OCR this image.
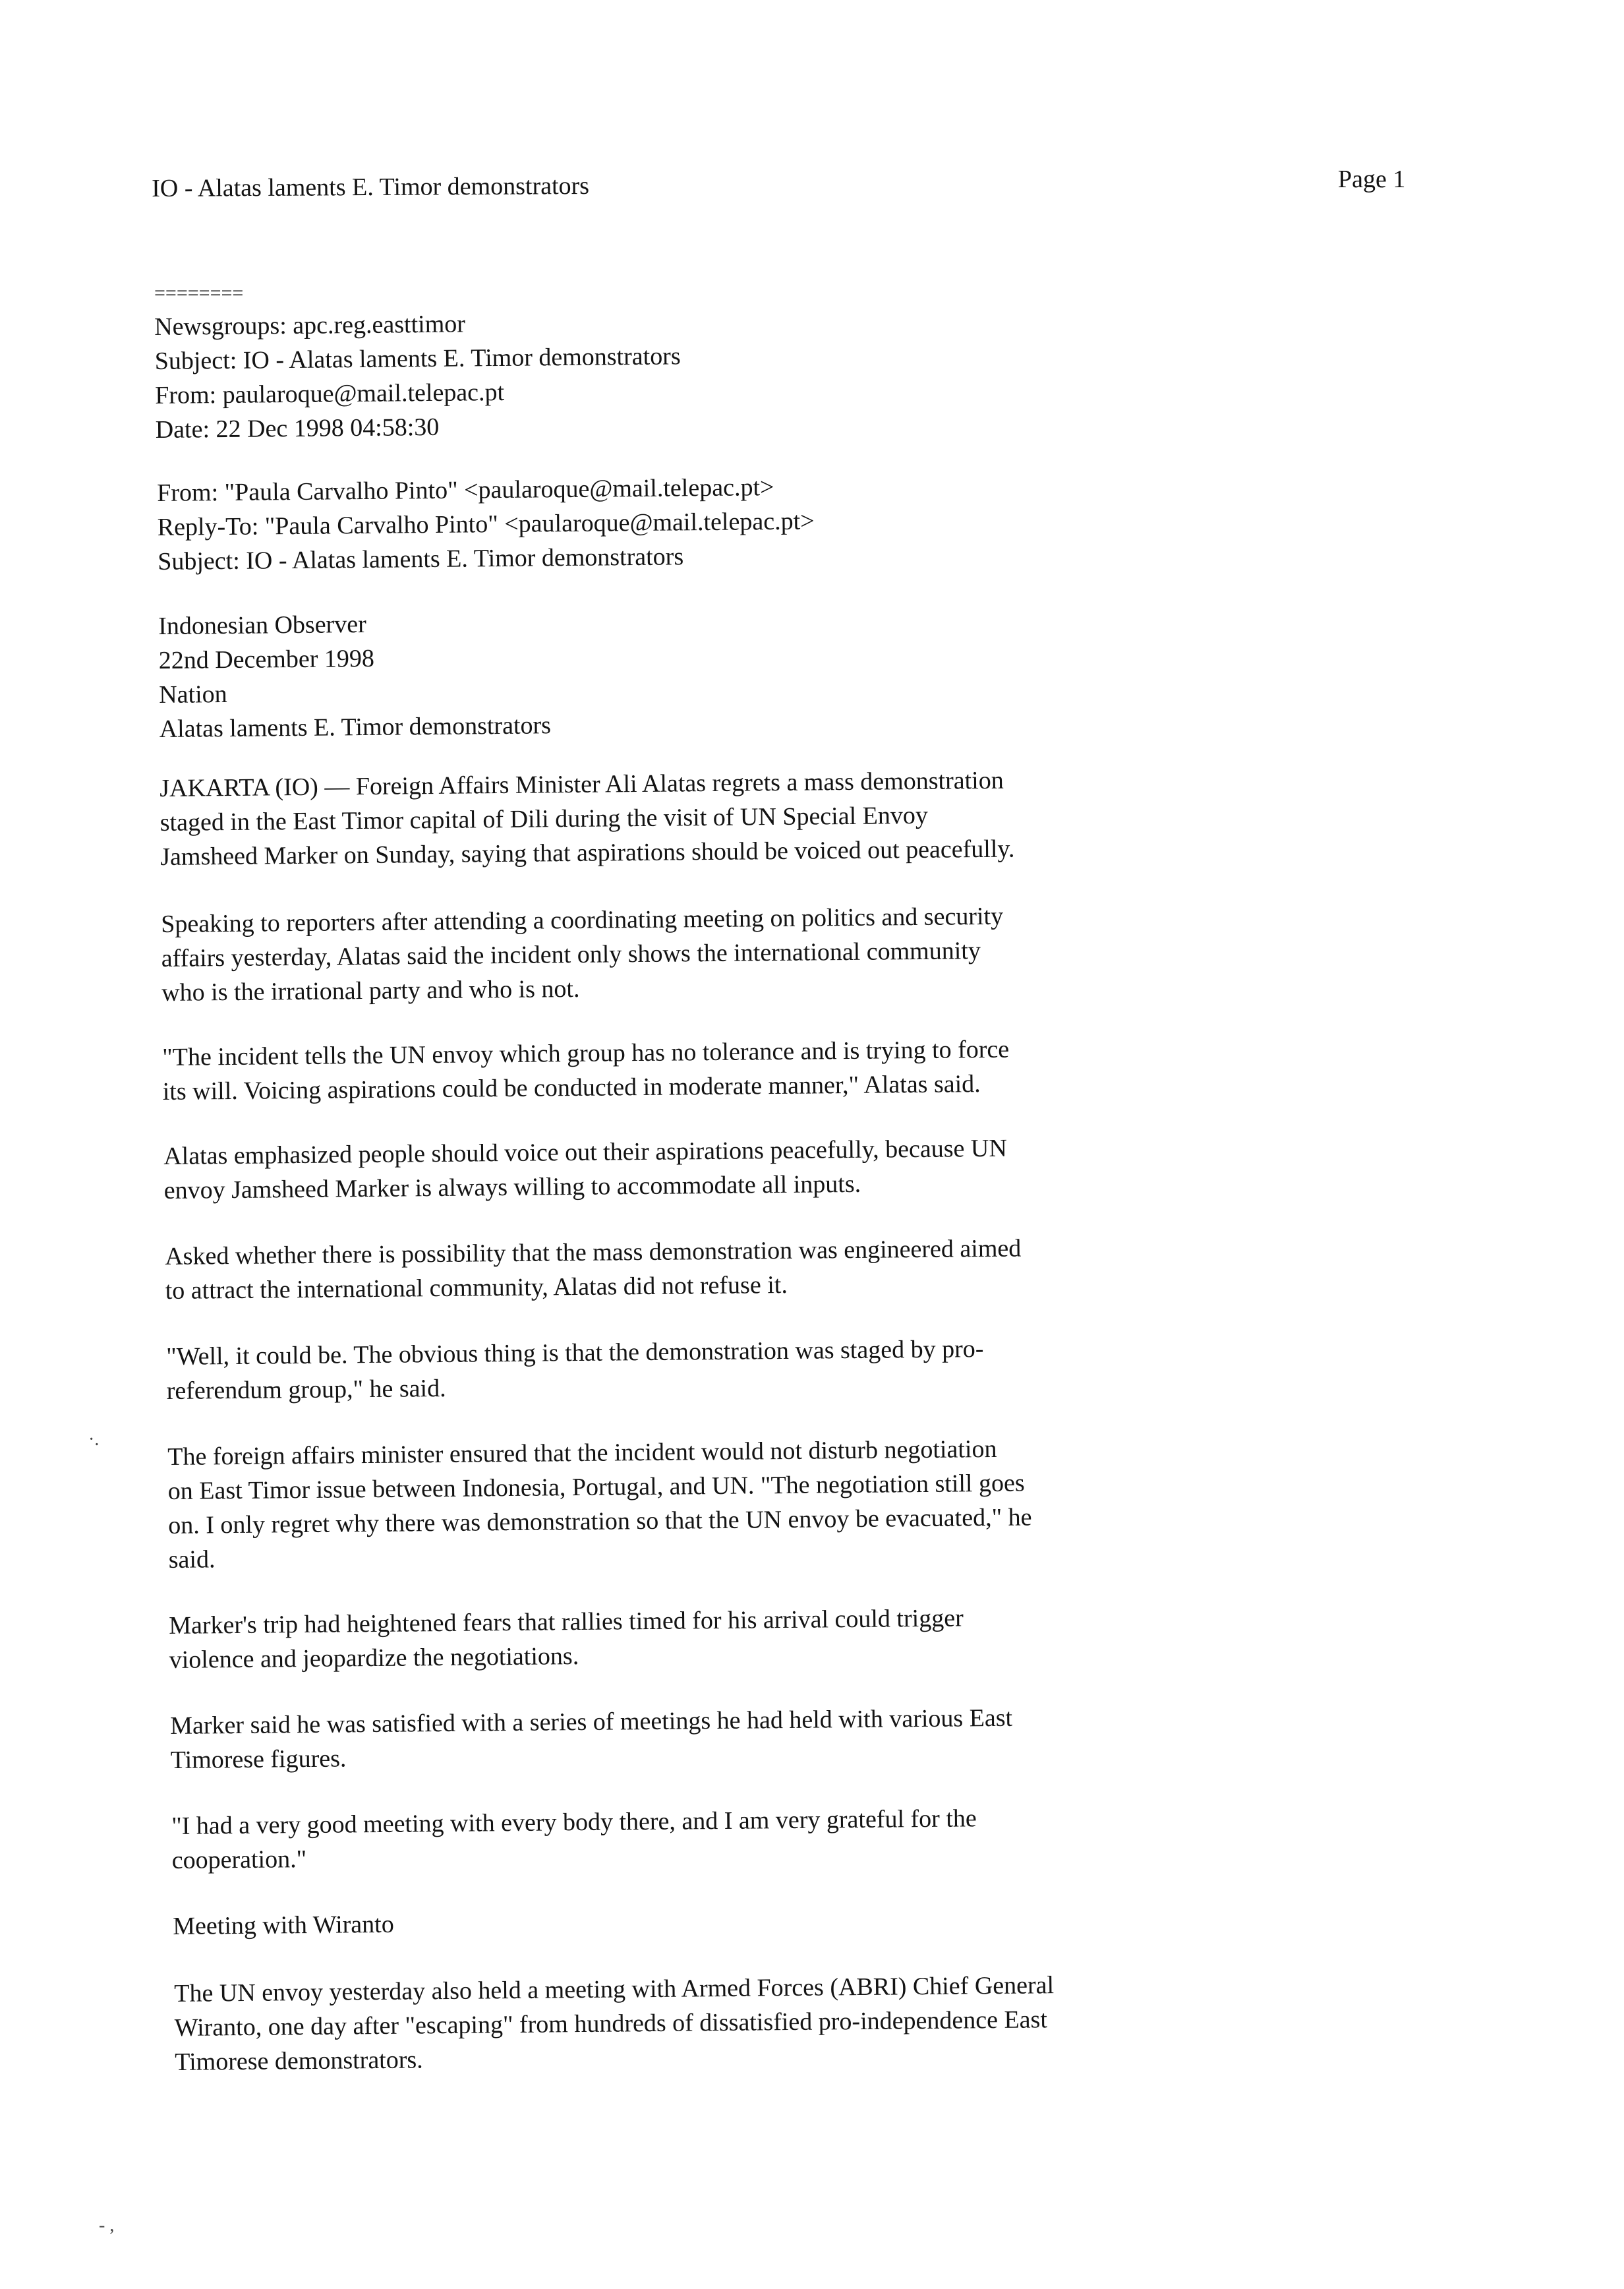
IO - Alatas laments E. Timor demonstrators	Page 1
========
Newsgroups: apc.reg.easttimor
Subject: IO - Alatas laments E. Timor demonstrators
From: paularoque@mail.telepac.pt
Date: 22 Dec 1998 04:58:30
From: "Paula Carvalho Pinto" <paularoque@mail.telepac.pt>
Reply-To: "Paula Carvalho Pinto" <paularoque@mail.telepac.pt>
Subject: IO - Alatas laments E. Timor demonstrators
Indonesian Observer
22nd December 1998
Nation
Alatas laments E. Timor demonstrators
JAKARTA (IO) — Foreign Affairs Minister Ali Alatas regrets a mass demonstration
staged in the East Timor capital of Dili during the visit of UN Special Envoy
Jamsheed Marker on Sunday, saying that aspirations should be voiced out peacefully.
Speaking to reporters after attending a coordinating meeting on politics and security
affairs yesterday, Alatas said the incident only shows the international community
who is the irrational party and who is not.
"The incident tells the UN envoy which group has no tolerance and is trying to force
its will. Voicing aspirations could be conducted in moderate manner," Alatas said.
Alatas emphasized people should voice out their aspirations peacefully, because UN
envoy Jamsheed Marker is always willing to accommodate all inputs.
Asked whether there is possibility that the mass demonstration was engineered aimed
to attract the international community, Alatas did not refuse it.
"Well, it could be. The obvious thing is that the demonstration was staged by pro-
referendum group," he said.
The foreign affairs minister ensured that the incident would not disturb negotiation
on East Timor issue between Indonesia, Portugal, and UN. "The negotiation still goes
on. I only regret why there was demonstration so that the UN envoy be evacuated," he
said.
Marker's trip had heightened fears that rallies timed for his arrival could trigger
violence and jeopardize the negotiations.
Marker said he was satisfied with a series of meetings he had held with various East
Timorese figures.
"I had a very good meeting with every body there, and I am very grateful for the
cooperation."
Meeting with Wiranto
The UN envoy yesterday also held a meeting with Armed Forces (ABRI) Chief General
Wiranto, one day after "escaping" from hundreds of dissatisfied pro-independence East
Timorese demonstrators.
·.
- ,
